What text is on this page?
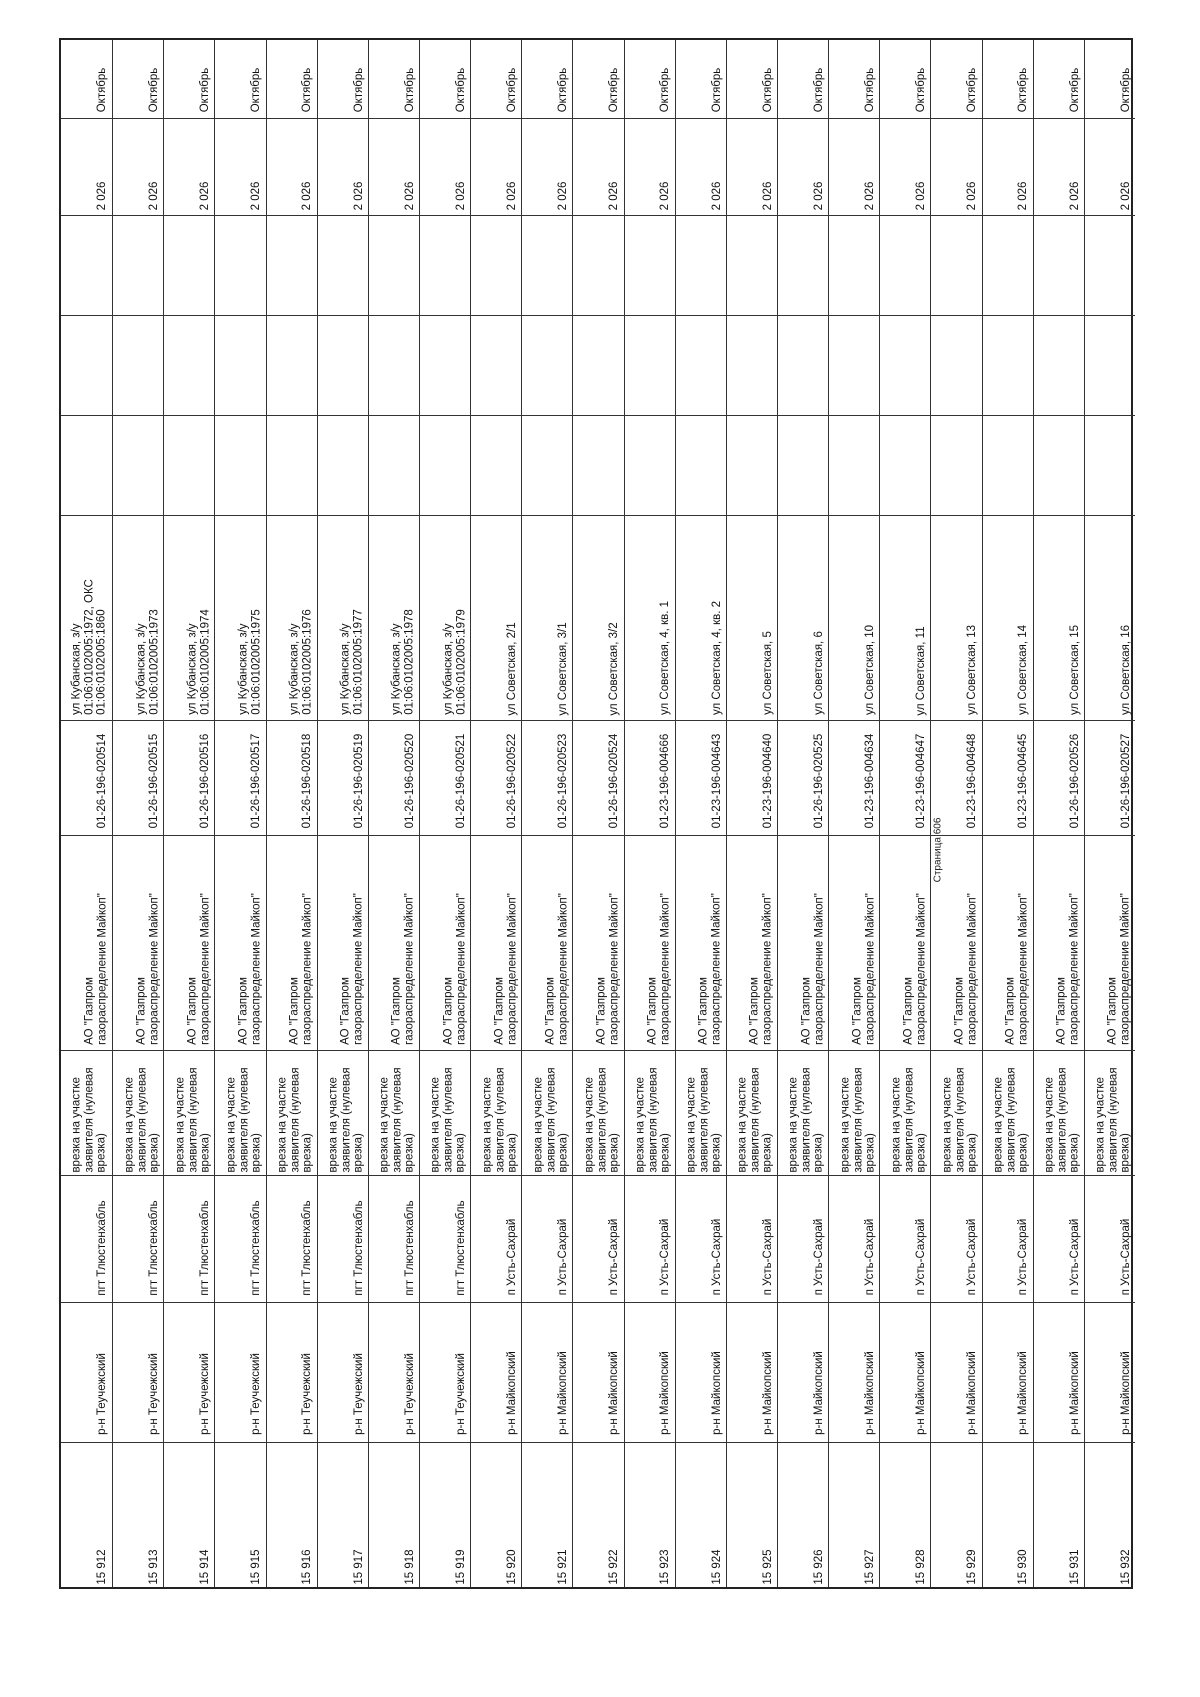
Октябрь
2 026
ул Кубанская, з/у
01:06:0102005:1972, ОКС
01:06:0102005:1860
01-26-196-020514
АО "Газпром
газораспределение Майкоп"
врезка на участке
заявителя (нулевая
врезка)
пгт Тлюстенхабль
р-н Теучежский
15 912
Октябрь
2 026
ул Кубанская, з/у
01:06:0102005:1973
01-26-196-020515
АО "Газпром
газораспределение Майкоп"
врезка на участке
заявителя (нулевая
врезка)
пгт Тлюстенхабль
р-н Теучежский
15 913
Октябрь
2 026
ул Кубанская, з/у
01:06:0102005:1974
01-26-196-020516
АО "Газпром
газораспределение Майкоп"
врезка на участке
заявителя (нулевая
врезка)
пгт Тлюстенхабль
р-н Теучежский
15 914
Октябрь
2 026
ул Кубанская, з/у
01:06:0102005:1975
01-26-196-020517
АО "Газпром
газораспределение Майкоп"
врезка на участке
заявителя (нулевая
врезка)
пгт Тлюстенхабль
р-н Теучежский
15 915
Октябрь
2 026
ул Кубанская, з/у
01:06:0102005:1976
01-26-196-020518
АО "Газпром
газораспределение Майкоп"
врезка на участке
заявителя (нулевая
врезка)
пгт Тлюстенхабль
р-н Теучежский
15 916
Октябрь
2 026
ул Кубанская, з/у
01:06:0102005:1977
01-26-196-020519
АО "Газпром
газораспределение Майкоп"
врезка на участке
заявителя (нулевая
врезка)
пгт Тлюстенхабль
р-н Теучежский
15 917
Октябрь
2 026
ул Кубанская, з/у
01:06:0102005:1978
01-26-196-020520
АО "Газпром
газораспределение Майкоп"
врезка на участке
заявителя (нулевая
врезка)
пгт Тлюстенхабль
р-н Теучежский
15 918
Октябрь
2 026
ул Кубанская, з/у
01:06:0102005:1979
01-26-196-020521
АО "Газпром
газораспределение Майкоп"
врезка на участке
заявителя (нулевая
врезка)
пгт Тлюстенхабль
р-н Теучежский
15 919
Октябрь
2 026
ул Советская, 2/1
01-26-196-020522
АО "Газпром
газораспределение Майкоп"
врезка на участке
заявителя (нулевая
врезка)
п Усть-Сахрай
р-н Майкопский
15 920
Октябрь
2 026
ул Советская, 3/1
01-26-196-020523
АО "Газпром
газораспределение Майкоп"
врезка на участке
заявителя (нулевая
врезка)
п Усть-Сахрай
р-н Майкопский
15 921
Октябрь
2 026
ул Советская, 3/2
01-26-196-020524
АО "Газпром
газораспределение Майкоп"
врезка на участке
заявителя (нулевая
врезка)
п Усть-Сахрай
р-н Майкопский
15 922
Октябрь
2 026
ул Советская, 4, кв. 1
01-23-196-004666
АО "Газпром
газораспределение Майкоп"
врезка на участке
заявителя (нулевая
врезка)
п Усть-Сахрай
р-н Майкопский
15 923
Октябрь
2 026
ул Советская, 4, кв. 2
01-23-196-004643
АО "Газпром
газораспределение Майкоп"
врезка на участке
заявителя (нулевая
врезка)
п Усть-Сахрай
р-н Майкопский
15 924
Октябрь
2 026
ул Советская, 5
01-23-196-004640
АО "Газпром
газораспределение Майкоп"
врезка на участке
заявителя (нулевая
врезка)
п Усть-Сахрай
р-н Майкопский
15 925
Октябрь
2 026
ул Советская, 6
01-26-196-020525
АО "Газпром
газораспределение Майкоп"
врезка на участке
заявителя (нулевая
врезка)
п Усть-Сахрай
р-н Майкопский
15 926
Октябрь
2 026
ул Советская, 10
01-23-196-004634
АО "Газпром
газораспределение Майкоп"
врезка на участке
заявителя (нулевая
врезка)
п Усть-Сахрай
р-н Майкопский
15 927
Октябрь
2 026
ул Советская, 11
01-23-196-004647
АО "Газпром
газораспределение Майкоп"
врезка на участке
заявителя (нулевая
врезка)
п Усть-Сахрай
р-н Майкопский
15 928
Октябрь
2 026
ул Советская, 13
01-23-196-004648
АО "Газпром
газораспределение Майкоп"
врезка на участке
заявителя (нулевая
врезка)
п Усть-Сахрай
р-н Майкопский
15 929
Октябрь
2 026
ул Советская, 14
01-23-196-004645
АО "Газпром
газораспределение Майкоп"
врезка на участке
заявителя (нулевая
врезка)
п Усть-Сахрай
р-н Майкопский
15 930
Октябрь
2 026
ул Советская, 15
01-26-196-020526
АО "Газпром
газораспределение Майкоп"
врезка на участке
заявителя (нулевая
врезка)
п Усть-Сахрай
р-н Майкопский
15 931
Октябрь
2 026
ул Советская, 16
01-26-196-020527
АО "Газпром
газораспределение Майкоп"
врезка на участке
заявителя (нулевая
врезка)
п Усть-Сахрай
р-н Майкопский
15 932
Страница 606
